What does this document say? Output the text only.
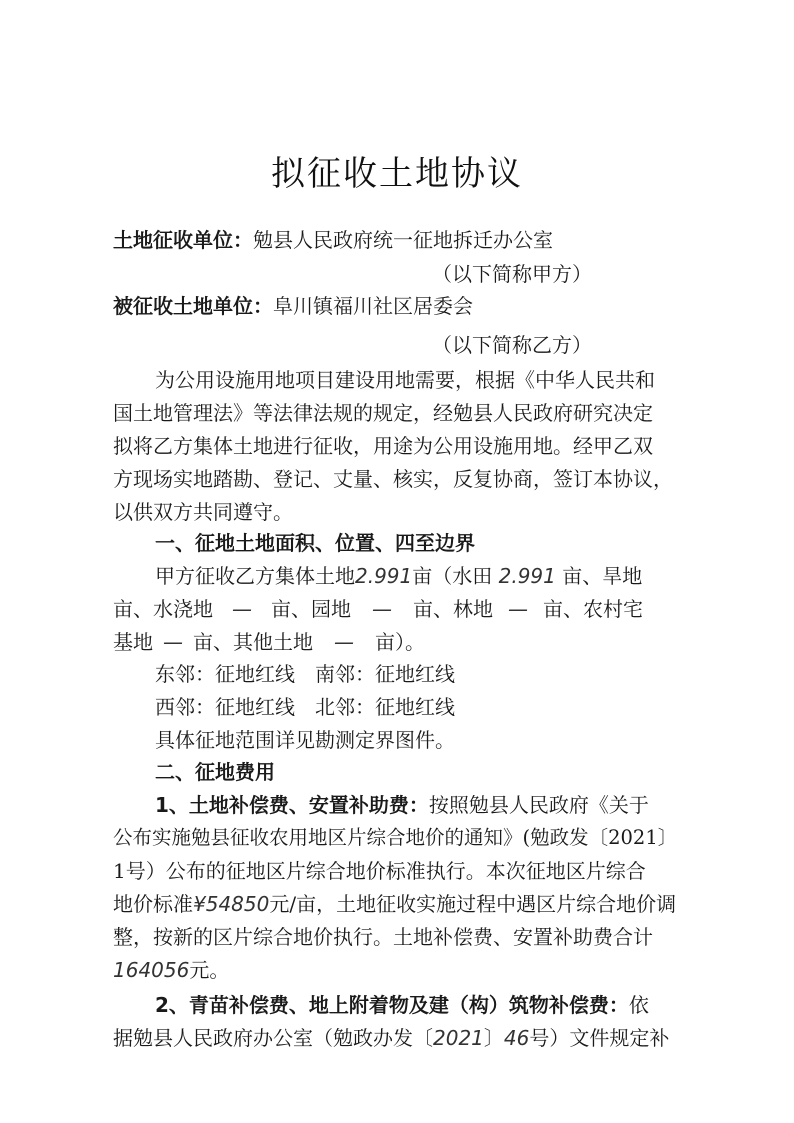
拟征收土地协议
土地征收单位：勉县人民政府统一征地拆迁办公室
（以下简称甲方）
被征收土地单位：阜川镇福川社区居委会
（以下简称乙方）
为公用设施用地项目建设用地需要，根据《中华人民共和
国土地管理法》等法律法规的规定，经勉县人民政府研究决定
拟将乙方集体土地进行征收，用途为公用设施用地。经甲乙双
方现场实地踏勘、登记、丈量、核实，反复协商，签订本协议，
以供双方共同遵守。
一、征地土地面积、位置、四至边界
甲方征收乙方集体土地2.991亩（水田 2.991 亩、旱地
亩、水浇地 — 亩、园地 — 亩、林地 — 亩、农村宅
基地 — 亩、其他土地 — 亩）。
东邻：征地红线　南邻：征地红线
西邻：征地红线　北邻：征地红线
具体征地范围详见勘测定界图件。
二、征地费用
1、土地补偿费、安置补助费：按照勉县人民政府《关于
公布实施勉县征收农用地区片综合地价的通知》(勉政发〔2021〕
1号）公布的征地区片综合地价标准执行。本次征地区片综合
地价标准¥54850元/亩，土地征收实施过程中遇区片综合地价调
整，按新的区片综合地价执行。土地补偿费、安置补助费合计
164056元。
2、青苗补偿费、地上附着物及建（构）筑物补偿费：依
据勉县人民政府办公室（勉政办发〔2021〕46号）文件规定补
